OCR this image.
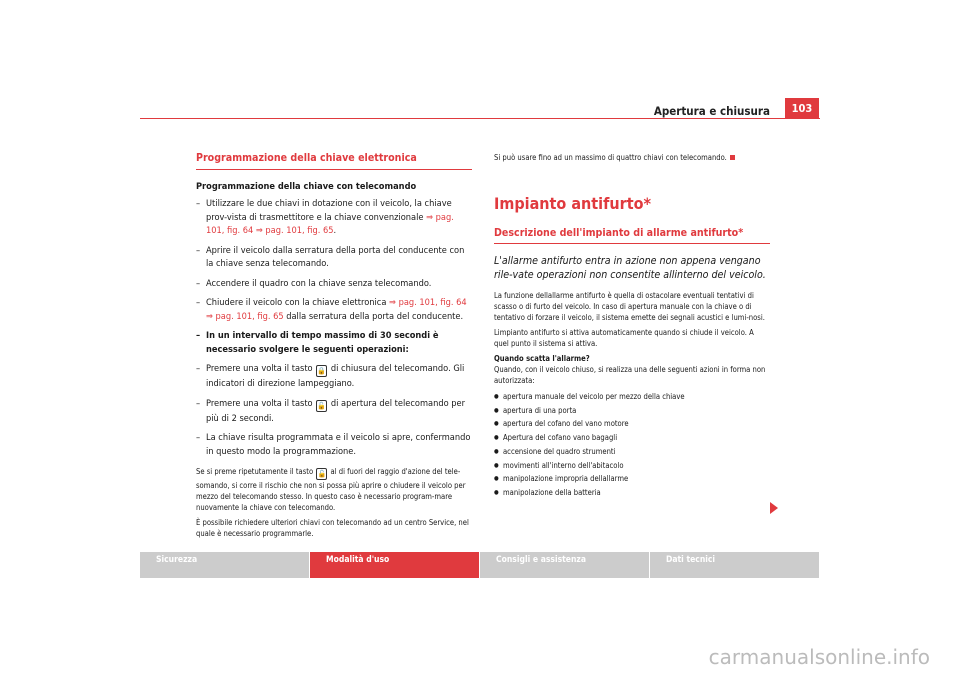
Apertura e chiusura	103
Programmazione della chiave elettronica
Programmazione della chiave con telecomando
– Utilizzare le due chiavi in dotazione con il veicolo, la chiave prov-vista di trasmettitore e la chiave convenzionale ⇒ pag. 101, fig. 64 ⇒ pag. 101, fig. 65.
– Aprire il veicolo dalla serratura della porta del conducente con la chiave senza telecomando.
– Accendere il quadro con la chiave senza telecomando.
– Chiudere il veicolo con la chiave elettronica ⇒ pag. 101, fig. 64 ⇒ pag. 101, fig. 65 dalla serratura della porta del conducente.
– In un intervallo di tempo massimo di 30 secondi è necessario svolgere le seguenti operazioni:
– Premere una volta il tasto 🔒 di chiusura del telecomando. Gli indicatori di direzione lampeggiano.
– Premere una volta il tasto 🔓 di apertura del telecomando per più di 2 secondi.
– La chiave risulta programmata e il veicolo si apre, confermando in questo modo la programmazione.

Se si preme ripetutamente il tasto 🔓 al di fuori del raggio d'azione del tele-somando, si corre il rischio che non si possa più aprire o chiudere il veicolo per mezzo del telecomando stesso. In questo caso è necessario program-mare nuovamente la chiave con telecomando.

È possibile richiedere ulteriori chiavi con telecomando ad un centro Service, nel quale è necessario programmarle.

Si può usare fino ad un massimo di quattro chiavi con telecomando.
Impianto antifurto*
Descrizione dell'impianto di allarme antifurto*
L'allarme antifurto entra in azione non appena vengano rile-vate operazioni non consentite allinterno del veicolo.

La funzione dellallarme antifurto è quella di ostacolare eventuali tentativi di scasso o di furto del veicolo. In caso di apertura manuale con la chiave o di tentativo di forzare il veicolo, il sistema emette dei segnali acustici e lumi-nosi.

Limpianto antifurto si attiva automaticamente quando si chiude il veicolo. A quel punto il sistema si attiva.

Quando scatta l'allarme?

Quando, con il veicolo chiuso, si realizza una delle seguenti azioni in forma non autorizzata:

● apertura manuale del veicolo per mezzo della chiave
● apertura di una porta
● apertura del cofano del vano motore
● Apertura del cofano vano bagagli
● accensione del quadro strumenti
● movimenti all'interno dell'abitacolo
● manipolazione impropria dellallarme
● manipolazione della batteria
Sicurezza	Modalità d'uso	Consigli e assistenza	Dati tecnici
carmanualsonline.info
